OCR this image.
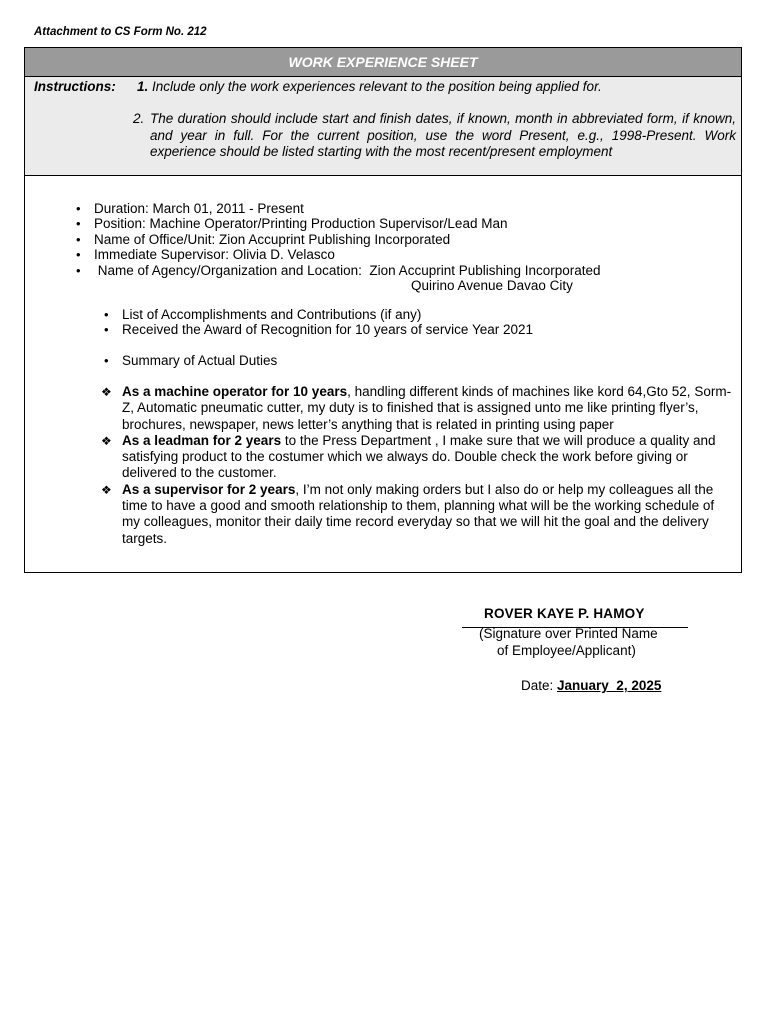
Attachment to CS Form No. 212
WORK EXPERIENCE SHEET
Instructions: 1. Include only the work experiences relevant to the position being applied for.
2. The duration should include start and finish dates, if known, month in abbreviated form, if known, and year in full. For the current position, use the word Present, e.g., 1998-Present. Work experience should be listed starting with the most recent/present employment
• Duration: March 01, 2011 - Present
• Position: Machine Operator/Printing Production Supervisor/Lead Man
• Name of Office/Unit: Zion Accuprint Publishing Incorporated
• Immediate Supervisor: Olivia D. Velasco
• Name of Agency/Organization and Location:  Zion Accuprint Publishing Incorporated
Quirino Avenue Davao City
• List of Accomplishments and Contributions (if any)
• Received the Award of Recognition for 10 years of service Year 2021
• Summary of Actual Duties
❖ As a machine operator for 10 years, handling different kinds of machines like kord 64,Gto 52, Sorm-Z, Automatic pneumatic cutter, my duty is to finished that is assigned unto me like printing flyer’s, brochures, newspaper, news letter’s anything that is related in printing using paper
❖ As a leadman for 2 years to the Press Department , I make sure that we will produce a quality and satisfying product to the costumer which we always do. Double check the work before giving or delivered to the customer.
❖ As a supervisor for 2 years, I’m not only making orders but I also do or help my colleagues all the time to have a good and smooth relationship to them, planning what will be the working schedule of my colleagues, monitor their daily time record everyday so that we will hit the goal and the delivery targets.
ROVER KAYE P. HAMOY
(Signature over Printed Name
of Employee/Applicant)
Date: January  2, 2025
